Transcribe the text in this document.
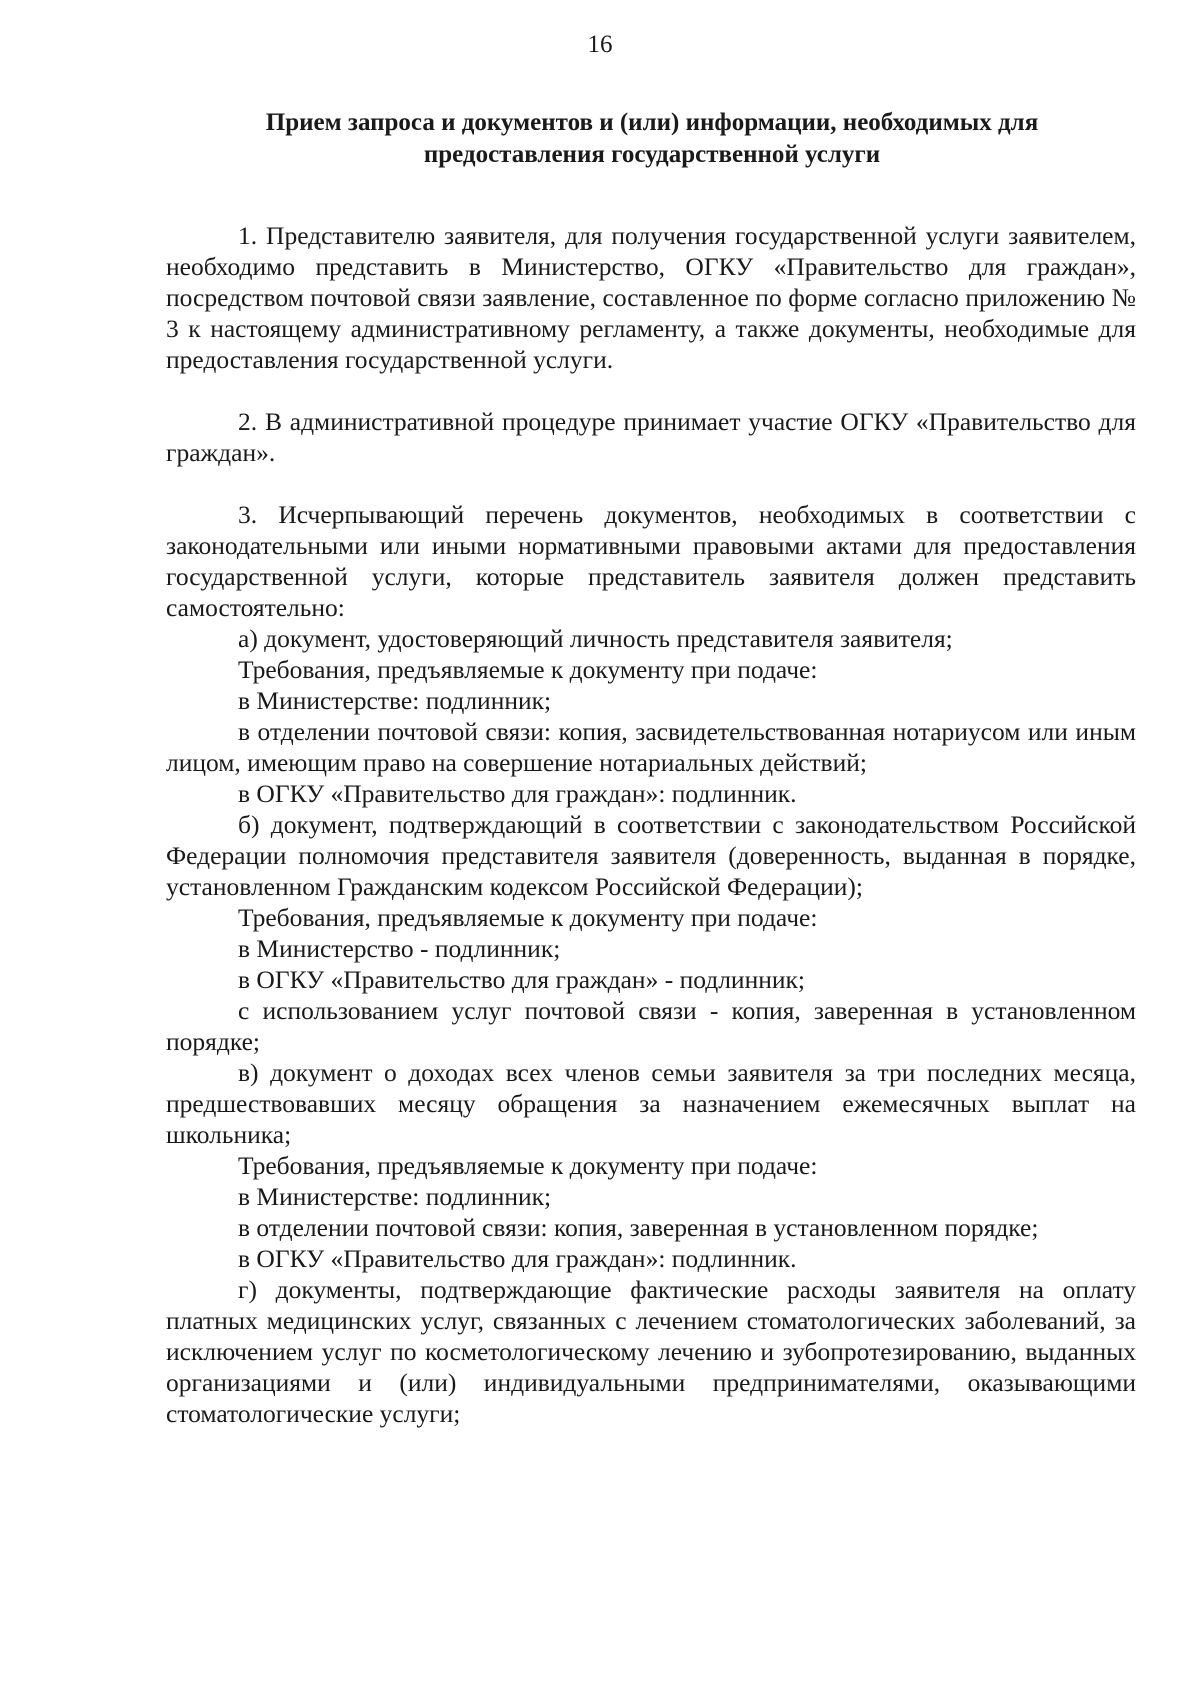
16
Прием запроса и документов и (или) информации, необходимых для
предоставления государственной услуги

1. Представителю заявителя, для получения государственной услуги заявителем, необходимо представить в Министерство, ОГКУ «Правительство для граждан», посредством почтовой связи заявление, составленное по форме согласно приложению № 3 к настоящему административному регламенту, а также документы, необходимые для предоставления государственной услуги.

2. В административной процедуре принимает участие ОГКУ «Правительство для граждан».

3. Исчерпывающий перечень документов, необходимых в соответствии с законодательными или иными нормативными правовыми актами для предоставления государственной услуги, которые представитель заявителя должен представить самостоятельно:

а) документ, удостоверяющий личность представителя заявителя;

Требования, предъявляемые к документу при подаче:

в Министерстве: подлинник;

в отделении почтовой связи: копия, засвидетельствованная нотариусом или иным лицом, имеющим право на совершение нотариальных действий;

в ОГКУ «Правительство для граждан»: подлинник.

б) документ, подтверждающий в соответствии с законодательством Российской Федерации полномочия представителя заявителя (доверенность, выданная в порядке, установленном Гражданским кодексом Российской Федерации);

Требования, предъявляемые к документу при подаче:

в Министерство - подлинник;

в ОГКУ «Правительство для граждан» - подлинник;

с использованием услуг почтовой связи - копия, заверенная в установленном порядке;

в) документ о доходах всех членов семьи заявителя за три последних месяца, предшествовавших месяцу обращения за назначением ежемесячных выплат на школьника;

Требования, предъявляемые к документу при подаче:

в Министерстве: подлинник;

в отделении почтовой связи: копия, заверенная в установленном порядке;

в ОГКУ «Правительство для граждан»: подлинник.

г) документы, подтверждающие фактические расходы заявителя на оплату платных медицинских услуг, связанных с лечением стоматологических заболеваний, за исключением услуг по косметологическому лечению и зубопротезированию, выданных организациями и (или) индивидуальными предпринимателями, оказывающими стоматологические услуги;
